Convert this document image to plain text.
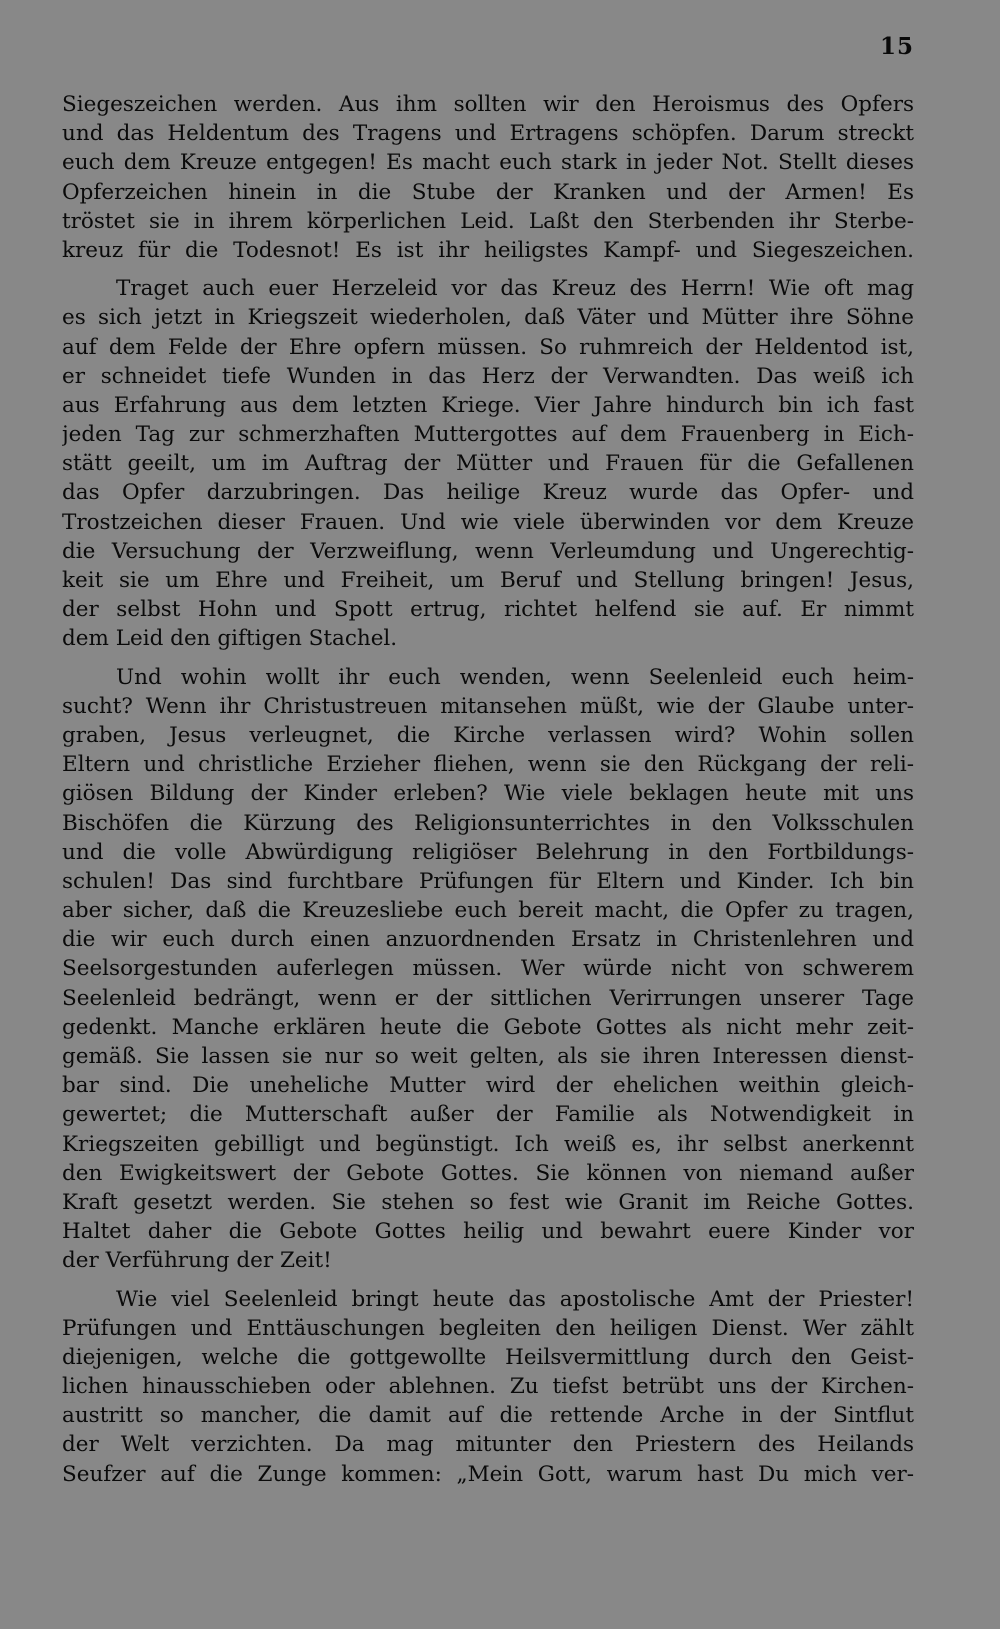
15
Siegeszeichen werden. Aus ihm sollten wir den Heroismus des Opfers
und das Heldentum des Tragens und Ertragens schöpfen. Darum streckt
euch dem Kreuze entgegen! Es macht euch stark in jeder Not. Stellt dieses
Opferzeichen hinein in die Stube der Kranken und der Armen! Es
tröstet sie in ihrem körperlichen Leid. Laßt den Sterbenden ihr Sterbe-
kreuz für die Todesnot! Es ist ihr heiligstes Kampf- und Siegeszeichen.
Traget auch euer Herzeleid vor das Kreuz des Herrn! Wie oft mag
es sich jetzt in Kriegszeit wiederholen, daß Väter und Mütter ihre Söhne
auf dem Felde der Ehre opfern müssen. So ruhmreich der Heldentod ist,
er schneidet tiefe Wunden in das Herz der Verwandten. Das weiß ich
aus Erfahrung aus dem letzten Kriege. Vier Jahre hindurch bin ich fast
jeden Tag zur schmerzhaften Muttergottes auf dem Frauenberg in Eich-
stätt geeilt, um im Auftrag der Mütter und Frauen für die Gefallenen
das Opfer darzubringen. Das heilige Kreuz wurde das Opfer- und
Trostzeichen dieser Frauen. Und wie viele überwinden vor dem Kreuze
die Versuchung der Verzweiflung, wenn Verleumdung und Ungerechtig-
keit sie um Ehre und Freiheit, um Beruf und Stellung bringen! Jesus,
der selbst Hohn und Spott ertrug, richtet helfend sie auf. Er nimmt
dem Leid den giftigen Stachel.
Und wohin wollt ihr euch wenden, wenn Seelenleid euch heim-
sucht? Wenn ihr Christustreuen mitansehen müßt, wie der Glaube unter-
graben, Jesus verleugnet, die Kirche verlassen wird? Wohin sollen
Eltern und christliche Erzieher fliehen, wenn sie den Rückgang der reli-
giösen Bildung der Kinder erleben? Wie viele beklagen heute mit uns
Bischöfen die Kürzung des Religionsunterrichtes in den Volksschulen
und die volle Abwürdigung religiöser Belehrung in den Fortbildungs-
schulen! Das sind furchtbare Prüfungen für Eltern und Kinder. Ich bin
aber sicher, daß die Kreuzesliebe euch bereit macht, die Opfer zu tragen,
die wir euch durch einen anzuordnenden Ersatz in Christenlehren und
Seelsorgestunden auferlegen müssen. Wer würde nicht von schwerem
Seelenleid bedrängt, wenn er der sittlichen Verirrungen unserer Tage
gedenkt. Manche erklären heute die Gebote Gottes als nicht mehr zeit-
gemäß. Sie lassen sie nur so weit gelten, als sie ihren Interessen dienst-
bar sind. Die uneheliche Mutter wird der ehelichen weithin gleich-
gewertet; die Mutterschaft außer der Familie als Notwendigkeit in
Kriegszeiten gebilligt und begünstigt. Ich weiß es, ihr selbst anerkennt
den Ewigkeitswert der Gebote Gottes. Sie können von niemand außer
Kraft gesetzt werden. Sie stehen so fest wie Granit im Reiche Gottes.
Haltet daher die Gebote Gottes heilig und bewahrt euere Kinder vor
der Verführung der Zeit!
Wie viel Seelenleid bringt heute das apostolische Amt der Priester!
Prüfungen und Enttäuschungen begleiten den heiligen Dienst. Wer zählt
diejenigen, welche die gottgewollte Heilsvermittlung durch den Geist-
lichen hinausschieben oder ablehnen. Zu tiefst betrübt uns der Kirchen-
austritt so mancher, die damit auf die rettende Arche in der Sintflut
der Welt verzichten. Da mag mitunter den Priestern des Heilands
Seufzer auf die Zunge kommen: „Mein Gott, warum hast Du mich ver-
